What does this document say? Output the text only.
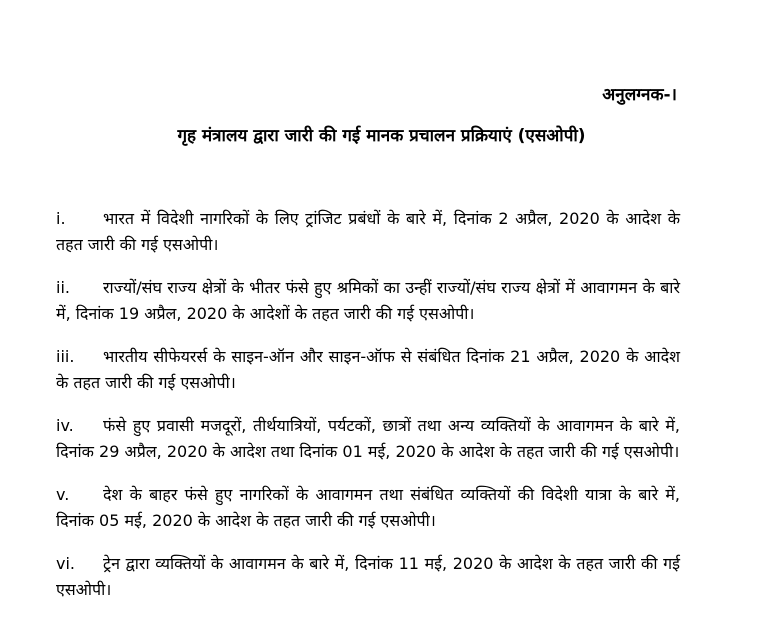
अनुलग्नक-।
गृह मंत्रालय द्वारा जारी की गई मानक प्रचालन प्रक्रियाएं (एसओपी)

i. भारत में विदेशी नागरिकों के लिए ट्रांजिट प्रबंधों के बारे में, दिनांक 2 अप्रैल, 2020 के आदेश के तहत जारी की गई एसओपी।

ii. राज्यों/संघ राज्य क्षेत्रों के भीतर फंसे हुए श्रमिकों का उन्हीं राज्यों/संघ राज्य क्षेत्रों में आवागमन के बारे में, दिनांक 19 अप्रैल, 2020 के आदेशों के तहत जारी की गई एसओपी।

iii. भारतीय सीफेयरर्स के साइन-ऑन और साइन-ऑफ से संबंधित दिनांक 21 अप्रैल, 2020 के आदेश के तहत जारी की गई एसओपी।

iv. फंसे हुए प्रवासी मजदूरों, तीर्थयात्रियों, पर्यटकों, छात्रों तथा अन्य व्यक्तियों के आवागमन के बारे में, दिनांक 29 अप्रैल, 2020 के आदेश तथा दिनांक 01 मई, 2020 के आदेश के तहत जारी की गई एसओपी।

v. देश के बाहर फंसे हुए नागरिकों के आवागमन तथा संबंधित व्यक्तियों की विदेशी यात्रा के बारे में, दिनांक 05 मई, 2020 के आदेश के तहत जारी की गई एसओपी।

vi. ट्रेन द्वारा व्यक्तियों के आवागमन के बारे में, दिनांक 11 मई, 2020 के आदेश के तहत जारी की गई एसओपी।
